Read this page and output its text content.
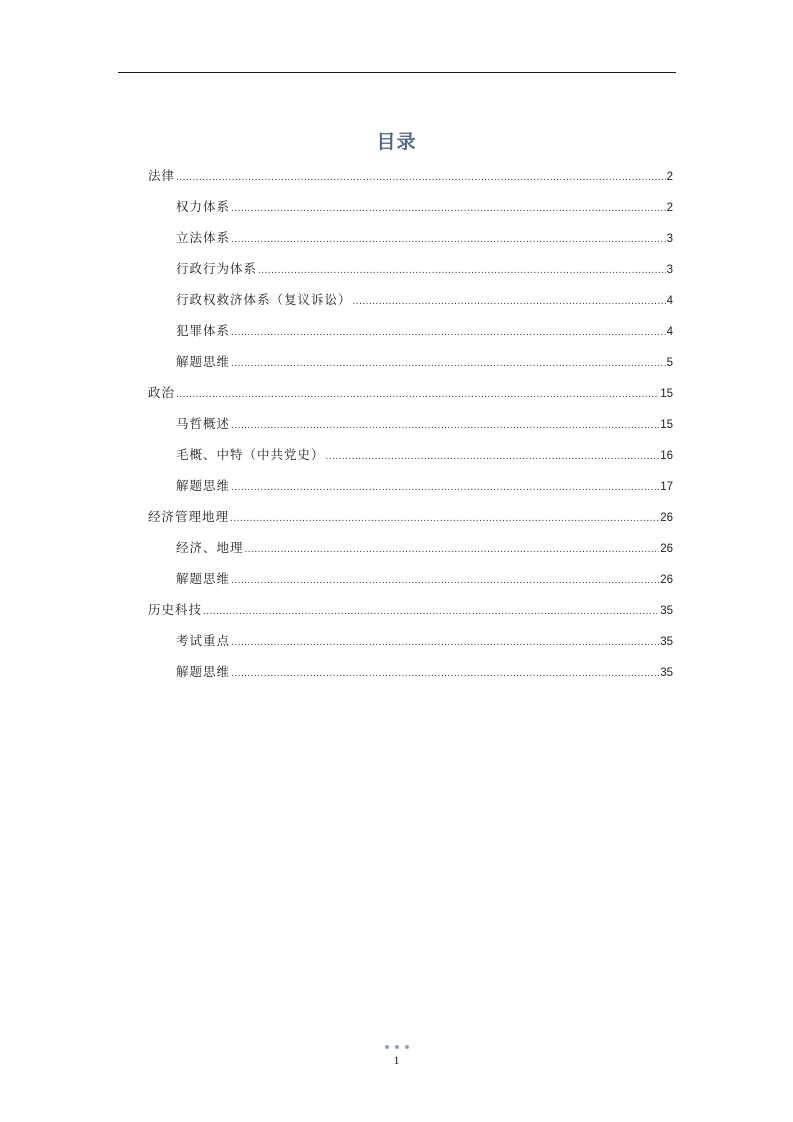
目录
法律 .....	2
权力体系 .....	2
立法体系 .....	3
行政行为体系 .....	3
行政权救济体系（复议诉讼） .....	4
犯罪体系 .....	4
解题思维 .....	5
政治 .....	15
马哲概述 .....	15
毛概、中特（中共党史） .....	16
解题思维 .....	17
经济管理地理 .....	26
经济、地理 .....	26
解题思维 .....	26
历史科技 .....	35
考试重点 .....	35
解题思维 .....	35
1
